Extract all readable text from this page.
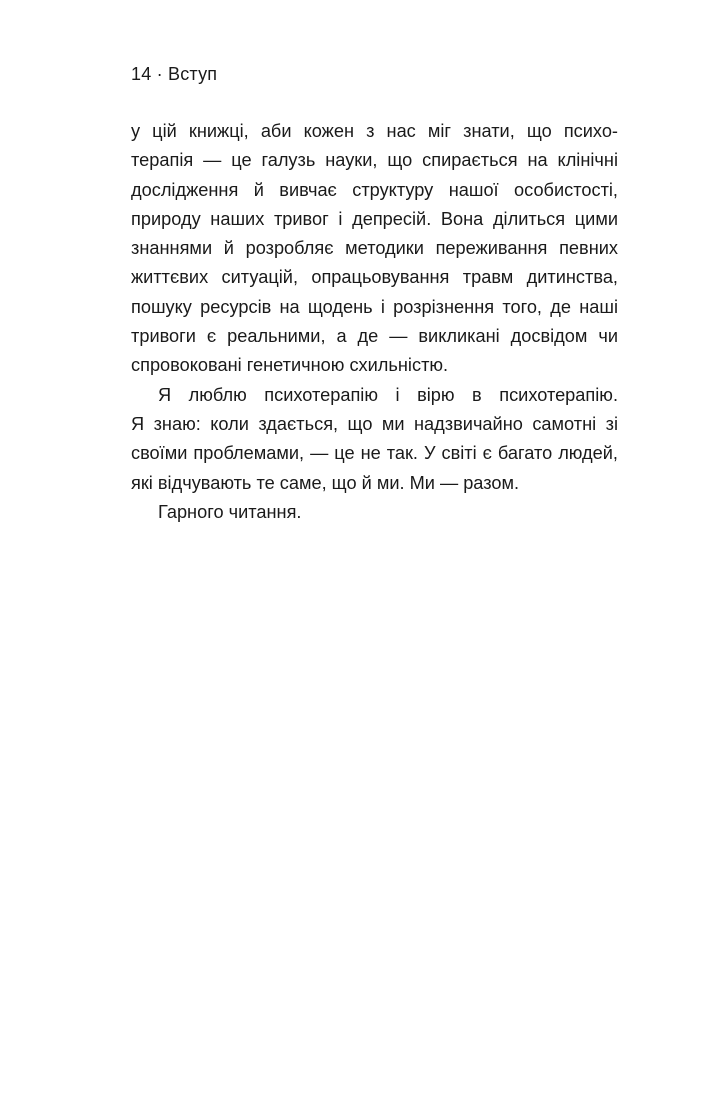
14 · Вступ
у цій книжці, аби кожен з нас міг знати, що психо-
терапія — це галузь науки, що спирається на клінічні
дослідження й вивчає структуру нашої особистості,
природу наших тривог і депресій. Вона ділиться цими
знаннями й розробляє методики переживання певних
життєвих ситуацій, опрацьовування травм дитинства,
пошуку ресурсів на щодень і розрізнення того, де наші
тривоги є реальними, а де — викликані досвідом чи
спровоковані генетичною схильністю.
Я люблю психотерапію і вірю в психотерапію.
Я знаю: коли здається, що ми надзвичайно самотні зі
своїми проблемами, — це не так. У світі є багато людей,
які відчувають те саме, що й ми. Ми — разом.
Гарного читання.
